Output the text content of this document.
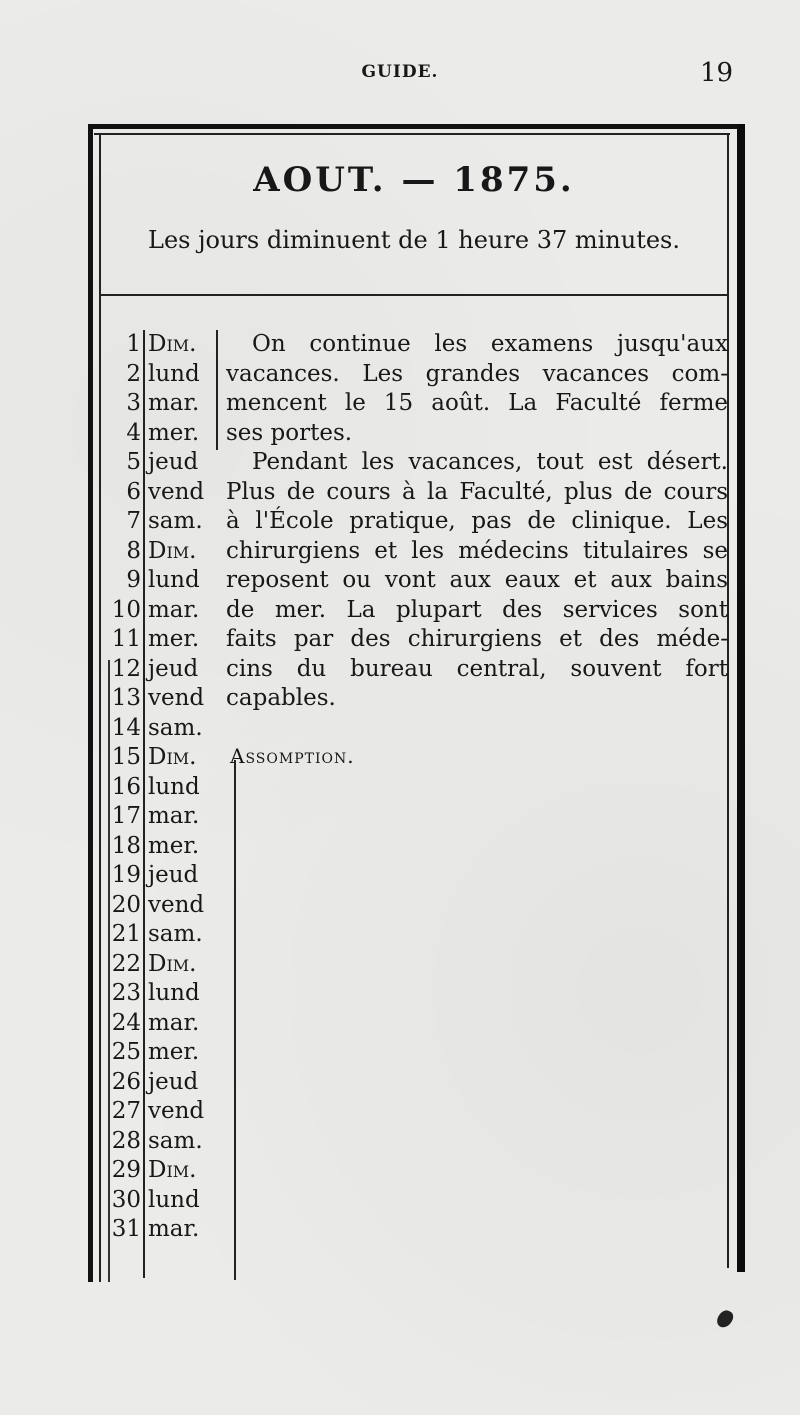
GUIDE.	19
AOUT. — 1875.
Les jours diminuent de 1 heure 37 minutes.
1 Dim.
2 lund
3 mar.
4 mer.
5 jeud
6 vend
7 sam.
8 Dim.
9 lund
10 mar.
11 mer.
12 jeud
13 vend
14 sam.
15 Dim.
16 lund
17 mar.
18 mer.
19 jeud
20 vend
21 sam.
22 Dim.
23 lund
24 mar.
25 mer.
26 jeud
27 vend
28 sam.
29 Dim.
30 lund
31 mar.
On continue les examens jusqu'aux
vacances. Les grandes vacances com-
mencent le 15 août. La Faculté ferme
ses portes.
Pendant les vacances, tout est désert.
Plus de cours à la Faculté, plus de cours
à l'École pratique, pas de clinique. Les
chirurgiens et les médecins titulaires se
reposent ou vont aux eaux et aux bains
de mer. La plupart des services sont
faits par des chirurgiens et des méde-
cins du bureau central, souvent fort
capables.
Assomption.
